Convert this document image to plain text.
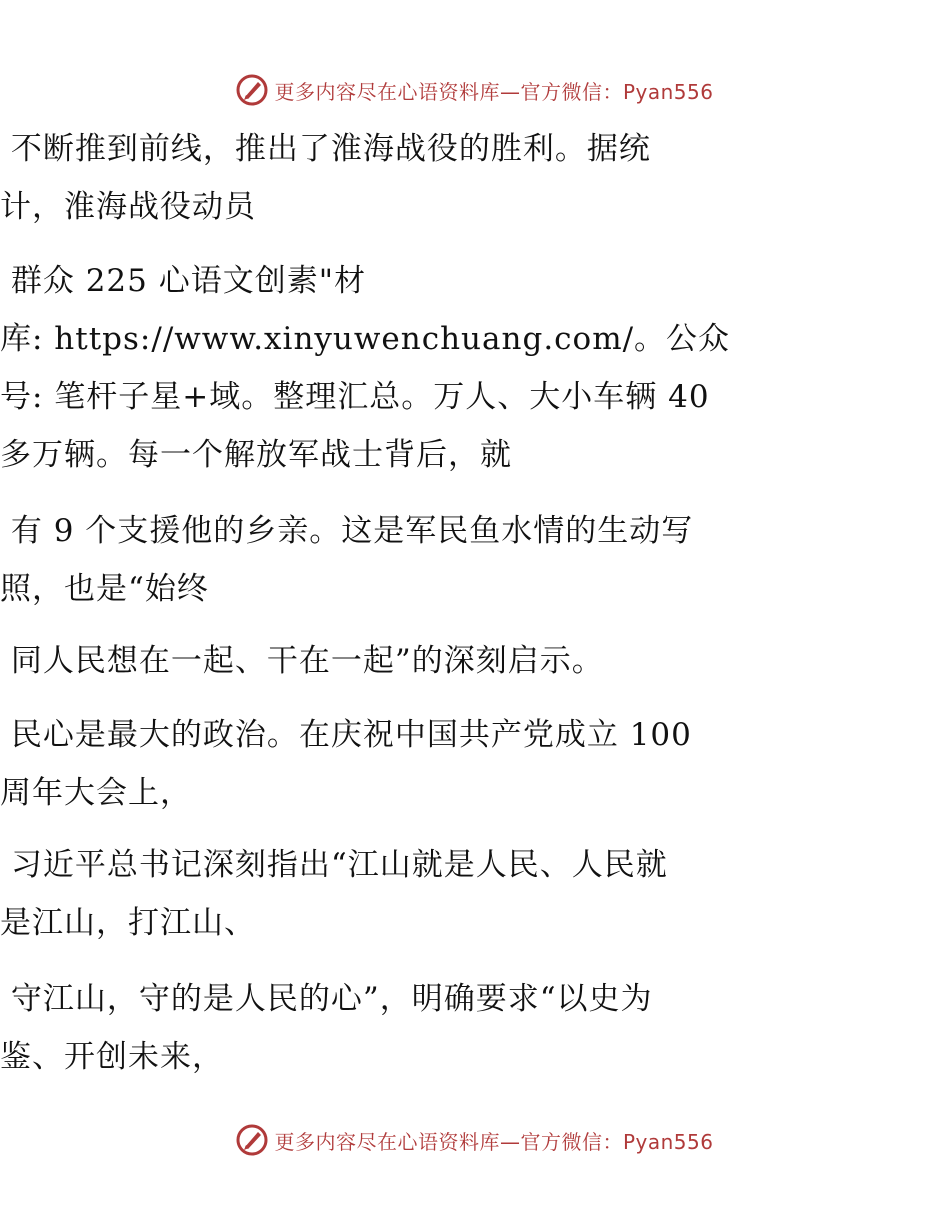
更多内容尽在心语资料库—官方微信：Pyan556
不断推到前线，推出了淮海战役的胜利。据统
计，淮海战役动员
群众 225 心语文创素"材
库: https://www.xinyuwenchuang.com/。公众
号: 笔杆子星+域。整理汇总。万人、大小车辆 40
多万辆。每一个解放军战士背后，就
有 9 个支援他的乡亲。这是军民鱼水情的生动写
照，也是“始终
同人民想在一起、干在一起”的深刻启示。
民心是最大的政治。在庆祝中国共产党成立 100
周年大会上，
习近平总书记深刻指出“江山就是人民、人民就
是江山，打江山、
守江山，守的是人民的心”，明确要求“以史为
鉴、开创未来，
更多内容尽在心语资料库—官方微信：Pyan556
